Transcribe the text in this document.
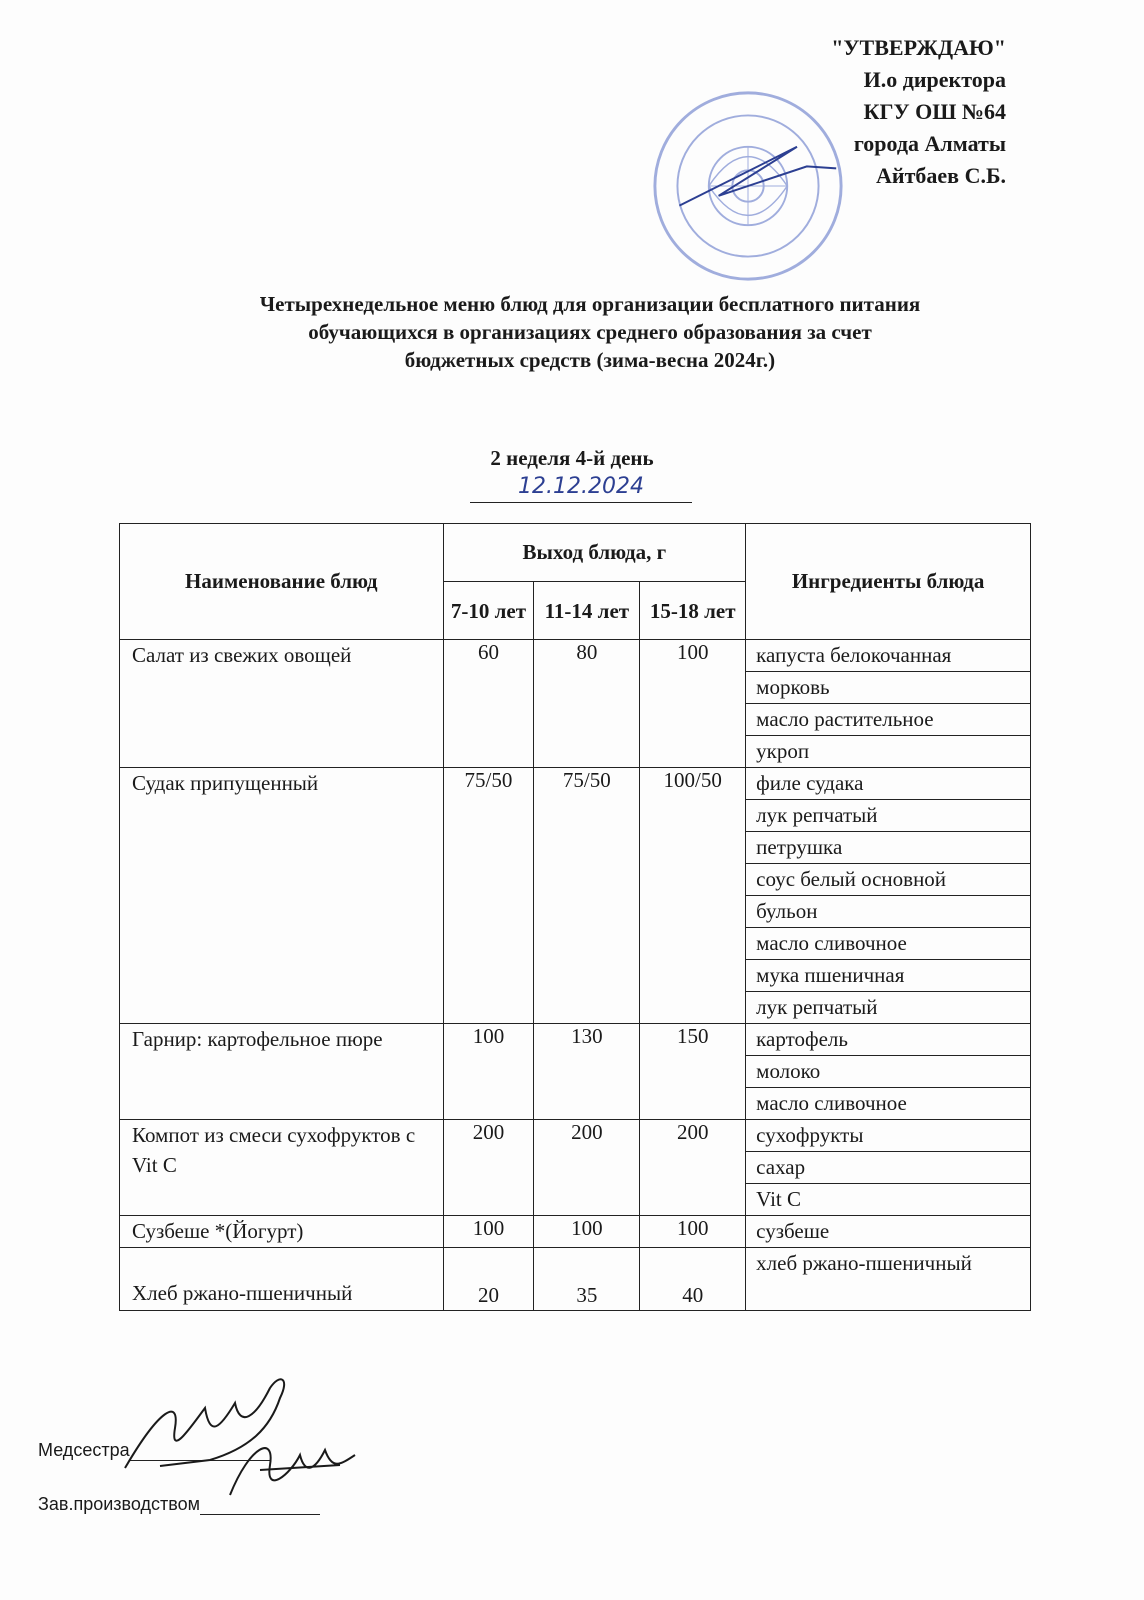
"УТВЕРЖДАЮ"
И.о директора
КГУ ОШ №64
города Алматы
Айтбаев С.Б.
Четырехнедельное меню блюд для организации бесплатного питания
обучающихся в организациях среднего образования за счет
бюджетных средств (зима-весна 2024г.)
2 неделя 4-й день
12.12.2024
Наименование блюд	Выход блюда, г			Ингредиенты блюда
	7-10 лет	11-14 лет	15-18 лет	
Салат из свежих овощей	60	80	100	капуста белокочанная
				морковь
				масло растительное
				укроп
Судак припущенный	75/50	75/50	100/50	филе судака
				лук репчатый
				петрушка
				соус белый основной
				бульон
				масло сливочное
				мука пшеничная
				лук репчатый
Гарнир: картофельное пюре	100	130	150	картофель
				молоко
				масло сливочное
Компот из смеси сухофруктов с Vit C	200	200	200	сухофрукты
				сахар
				Vit C
Сузбеше *(Йогурт)	100	100	100	сузбеше
Хлеб ржано-пшеничный	20	35	40	хлеб ржано-пшеничный
Медсестра
Зав.производством
